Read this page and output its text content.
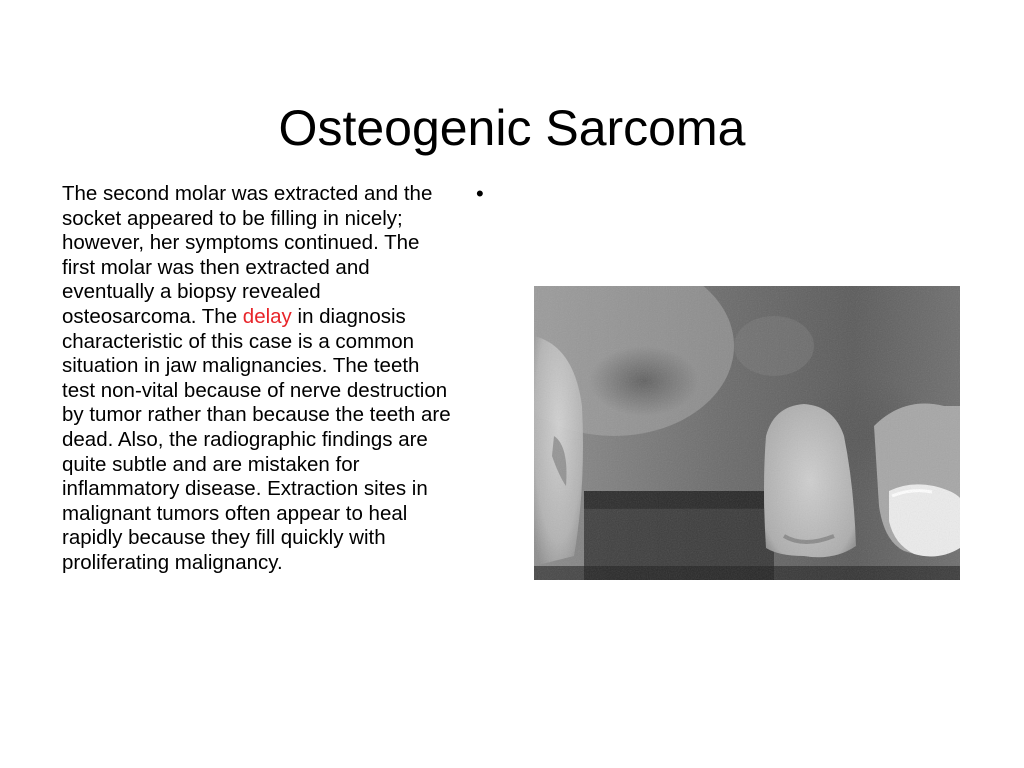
Osteogenic Sarcoma
The second molar was extracted and the socket appeared to be filling in nicely; however, her symptoms continued. The first molar was then extracted and eventually a biopsy revealed osteosarcoma. The delay in diagnosis characteristic of this case is a common situation in jaw malignancies. The teeth test non-vital because of nerve destruction by tumor rather than because the teeth are dead. Also, the radiographic findings are quite subtle and are mistaken for inflammatory disease. Extraction sites in malignant tumors often appear to heal rapidly because they fill quickly with proliferating malignancy.
•
